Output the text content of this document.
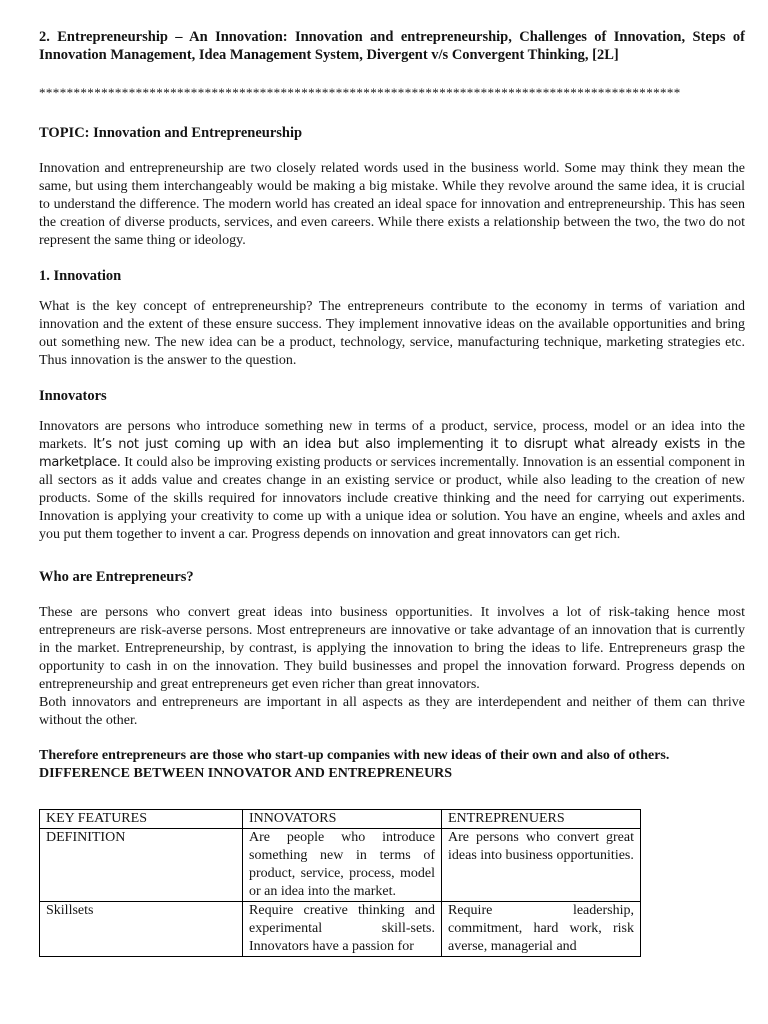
2. Entrepreneurship – An Innovation: Innovation and entrepreneurship, Challenges of Innovation, Steps of Innovation Management, Idea Management System, Divergent v/s Convergent Thinking, [2L]

*********************************************************************************************

TOPIC: Innovation and Entrepreneurship

Innovation and entrepreneurship are two closely related words used in the business world. Some may think they mean the same, but using them interchangeably would be making a big mistake. While they revolve around the same idea, it is crucial to understand the difference. The modern world has created an ideal space for innovation and entrepreneurship. This has seen the creation of diverse products, services, and even careers. While there exists a relationship between the two, the two do not represent the same thing or ideology.

1. Innovation

What is the key concept of entrepreneurship? The entrepreneurs contribute to the economy in terms of variation and innovation and the extent of these ensure success. They implement innovative ideas on the available opportunities and bring out something new. The new idea can be a product, technology, service, manufacturing technique, marketing strategies etc. Thus innovation is the answer to the question.

Innovators

Innovators are persons who introduce something new in terms of a product, service, process, model or an idea into the markets. It’s not just coming up with an idea but also implementing it to disrupt what already exists in the marketplace. It could also be improving existing products or services incrementally. Innovation is an essential component in all sectors as it adds value and creates change in an existing service or product, while also leading to the creation of new products. Some of the skills required for innovators include creative thinking and the need for carrying out experiments. Innovation is applying your creativity to come up with a unique idea or solution. You have an engine, wheels and axles and you put them together to invent a car. Progress depends on innovation and great innovators can get rich.

Who are Entrepreneurs?

These are persons who convert great ideas into business opportunities. It involves a lot of risk-taking hence most entrepreneurs are risk-averse persons. Most entrepreneurs are innovative or take advantage of an innovation that is currently in the market. Entrepreneurship, by contrast, is applying the innovation to bring the ideas to life. Entrepreneurs grasp the opportunity to cash in on the innovation. They build businesses and propel the innovation forward. Progress depends on entrepreneurship and great entrepreneurs get even richer than great innovators.

Both innovators and entrepreneurs are important in all aspects as they are interdependent and neither of them can thrive without the other.

Therefore entrepreneurs are those who start-up companies with new ideas of their own and also of others.

DIFFERENCE BETWEEN INNOVATOR AND ENTREPRENEURS

KEY FEATURES	INNOVATORS	ENTREPRENUERS
DEFINITION	Are people who introduce something new in terms of product, service, process, model or an idea into the market.	Are persons who convert great ideas into business opportunities.
Skillsets	Require creative thinking and experimental skill-sets. Innovators have a passion for	Require leadership, commitment, hard work, risk averse, managerial and
